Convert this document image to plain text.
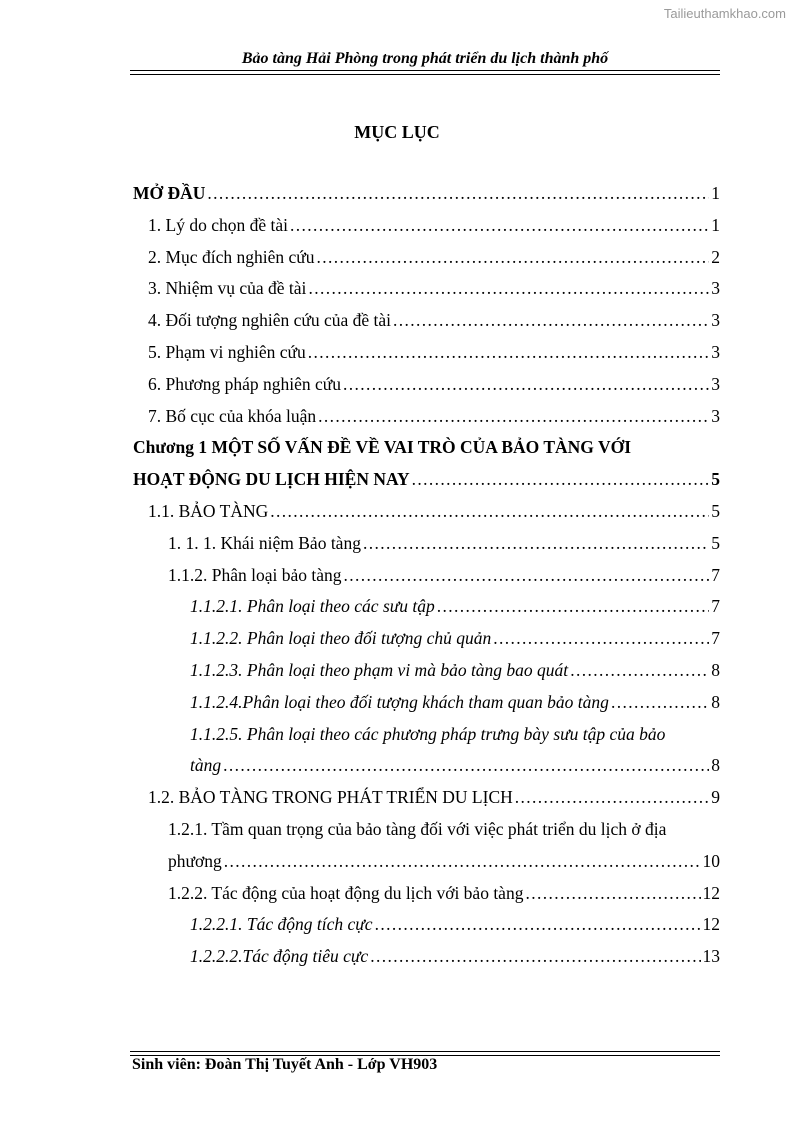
Tailieuthamkhao.com
Bảo tàng Hải Phòng trong phát triển du lịch thành phố
MỤC LỤC
MỞ ĐẦU . . .	1
1. Lý do chọn đề tài . . .	1
2. Mục đích nghiên cứu . . .	2
3. Nhiệm vụ của đề tài . . .	3
4. Đối tượng nghiên cứu của đề tài . . .	3
5. Phạm vi nghiên cứu . . .	3
6. Phương pháp nghiên cứu . . .	3
7. Bố cục của khóa luận . . .	3
Chương 1 MỘT SỐ VẤN ĐỀ VỀ VAI TRÒ CỦA BẢO TÀNG VỚI
HOẠT ĐỘNG DU LỊCH HIỆN NAY . . .	5
1.1. BẢO TÀNG . . .	5
1. 1. 1. Khái niệm Bảo tàng . . .	5
1.1.2. Phân loại bảo tàng . . .	7
1.1.2.1. Phân loại theo các sưu tập . . .	7
1.1.2.2. Phân loại theo đối tượng chủ quản . . .	7
1.1.2.3. Phân loại theo phạm vi mà bảo tàng bao quát . . .	8
1.1.2.4.Phân loại theo đối tượng khách tham quan bảo tàng . . .	8
1.1.2.5. Phân loại theo các phương pháp trưng bày sưu tập của bảo
tàng . . .	8
1.2. BẢO TÀNG TRONG PHÁT TRIỂN DU LỊCH . . .	9
1.2.1. Tầm quan trọng của bảo tàng đối với việc phát triển du lịch ở địa
phương . . .	10
1.2.2. Tác động của hoạt động du lịch với bảo tàng . . .	12
1.2.2.1. Tác động tích cực . . .	12
1.2.2.2.Tác động tiêu cực . . .	13
Sinh viên: Đoàn Thị Tuyết Anh - Lớp VH903
